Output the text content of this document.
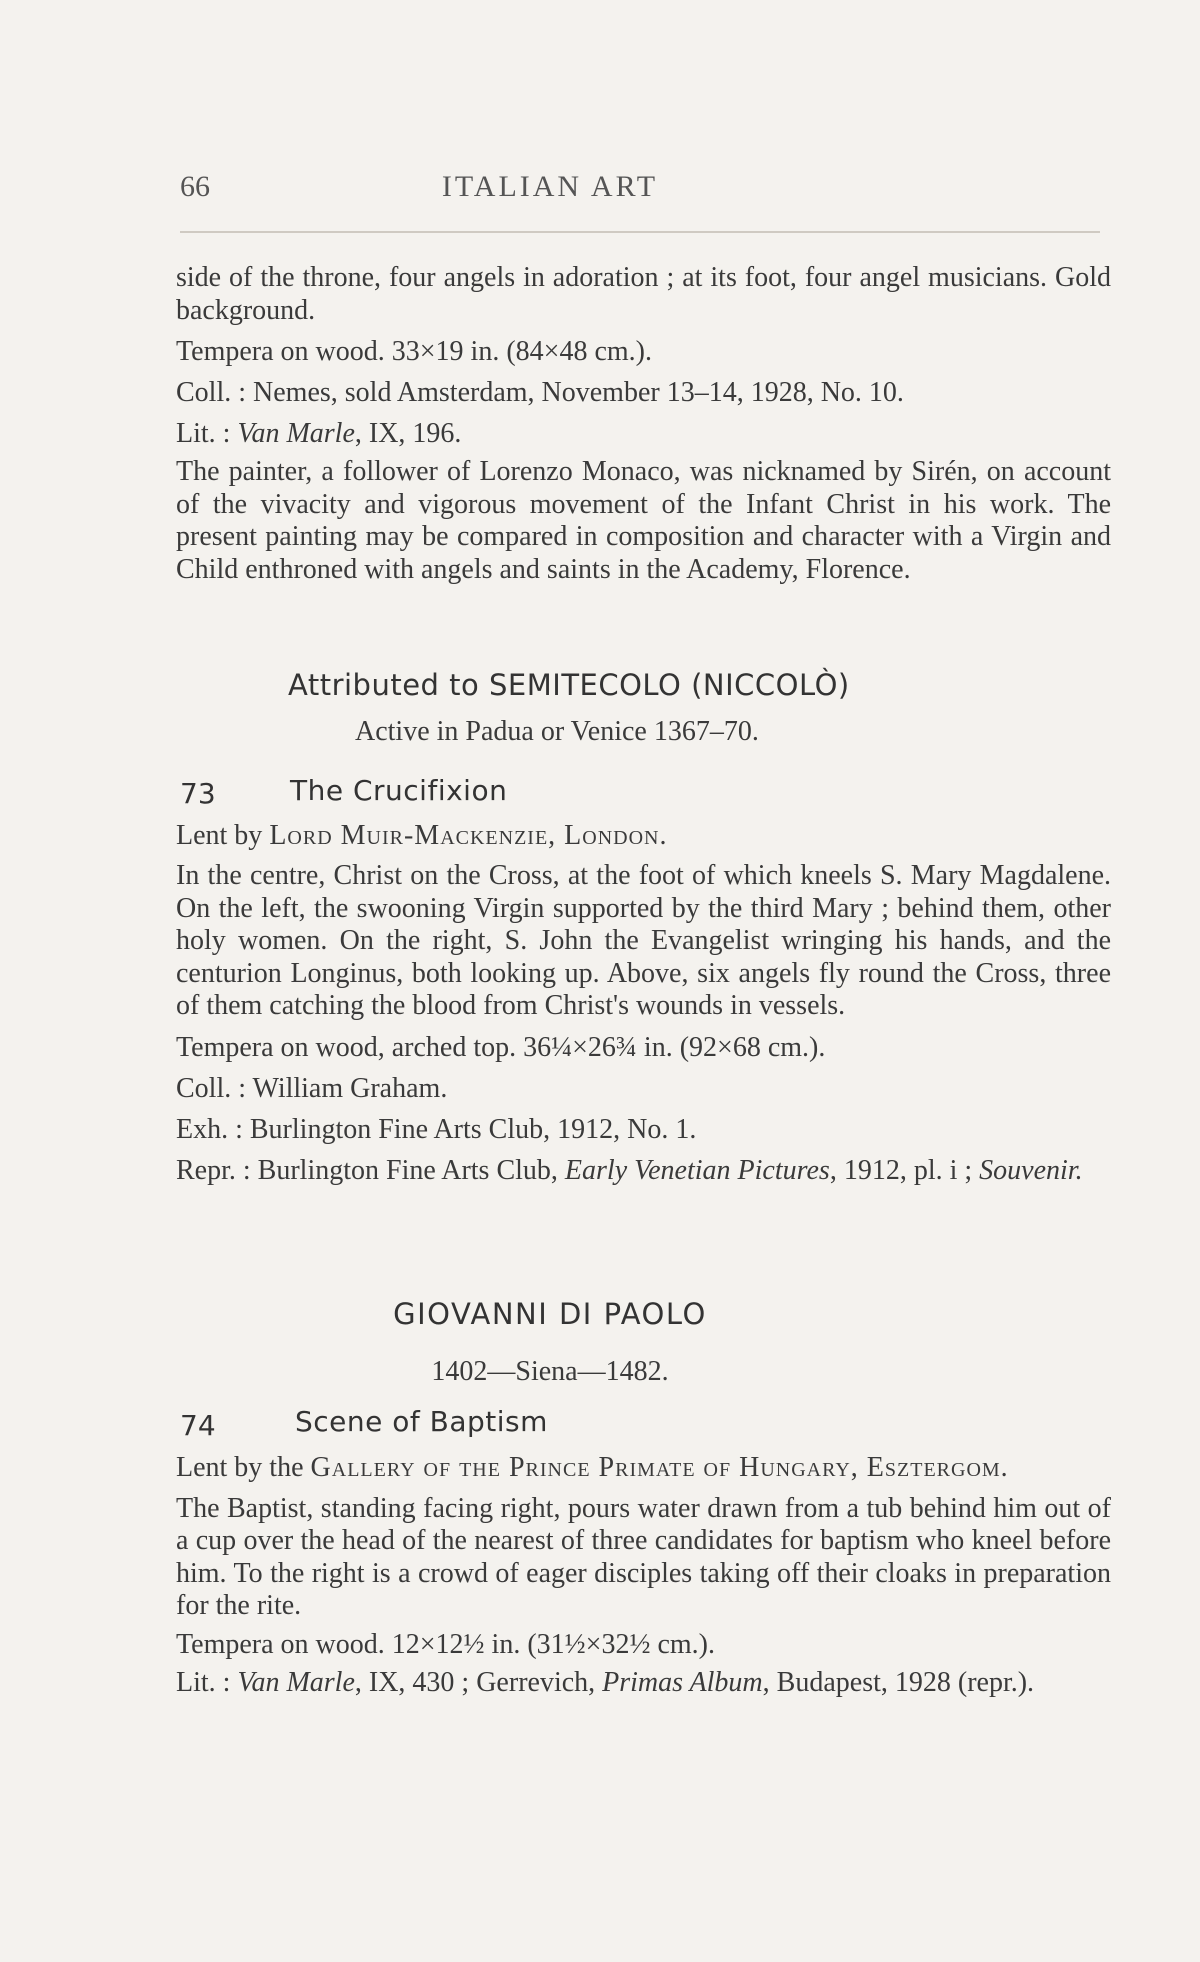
66	ITALIAN ART

side of the throne, four angels in adoration ; at its foot, four angel musicians. Gold background.

Tempera on wood. 33×19 in. (84×48 cm.).

Coll. : Nemes, sold Amsterdam, November 13–14, 1928, No. 10.

Lit. : Van Marle, IX, 196.

The painter, a follower of Lorenzo Monaco, was nicknamed by Sirén, on account of the vivacity and vigorous movement of the Infant Christ in his work. The present painting may be compared in composition and character with a Virgin and Child enthroned with angels and saints in the Academy, Florence.

Attributed to SEMITECOLO (NICCOLÒ)
Active in Padua or Venice 1367–70.
73	The Crucifixion

Lent by Lord Muir-Mackenzie, London.

In the centre, Christ on the Cross, at the foot of which kneels S. Mary Magdalene. On the left, the swooning Virgin supported by the third Mary ; behind them, other holy women. On the right, S. John the Evangelist wringing his hands, and the centurion Longinus, both looking up. Above, six angels fly round the Cross, three of them catching the blood from Christ's wounds in vessels.

Tempera on wood, arched top. 36¼×26¾ in. (92×68 cm.).

Coll. : William Graham.

Exh. : Burlington Fine Arts Club, 1912, No. 1.

Repr. : Burlington Fine Arts Club, Early Venetian Pictures, 1912, pl. i ; Souvenir.

GIOVANNI DI PAOLO
1402—Siena—1482.
74	Scene of Baptism

Lent by the Gallery of the Prince Primate of Hungary, Esztergom.

The Baptist, standing facing right, pours water drawn from a tub behind him out of a cup over the head of the nearest of three candidates for baptism who kneel before him. To the right is a crowd of eager disciples taking off their cloaks in preparation for the rite.

Tempera on wood. 12×12½ in. (31½×32½ cm.).

Lit. : Van Marle, IX, 430 ; Gerrevich, Primas Album, Budapest, 1928 (repr.).
